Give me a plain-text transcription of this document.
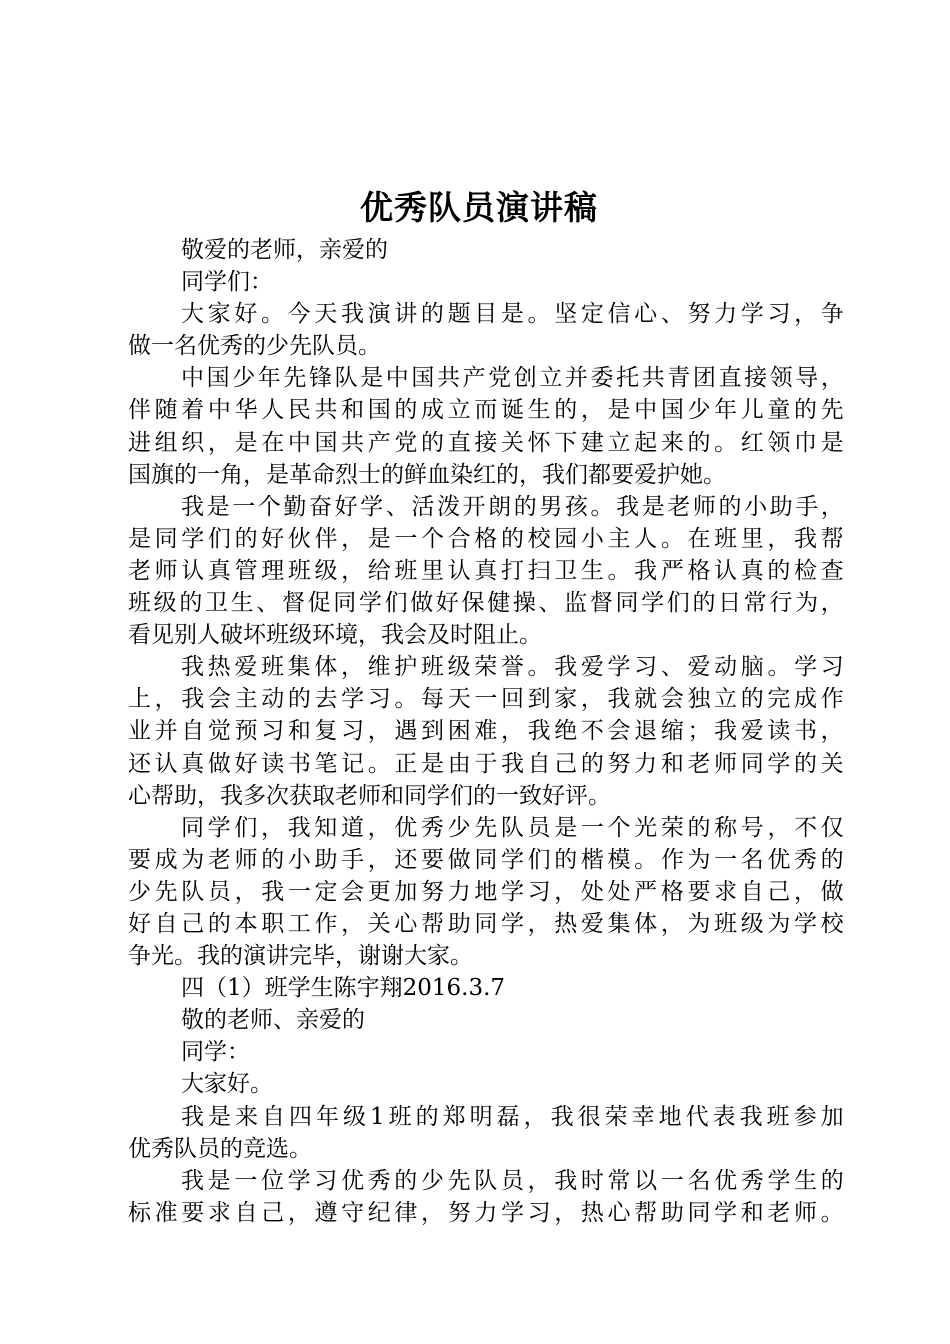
优秀队员演讲稿
敬爱的老师，亲爱的
同学们：
大 家 好 。 今 天 我 演 讲 的 题 目 是 。 坚 定 信 心 、 努 力 学 习 ， 争
做一名优秀的少先队员。
中 国 少 年 先 锋 队 是 中 国 共 产 党 创 立 并 委 托 共 青 团 直 接 领 导 ，
伴 随 着 中 华 人 民 共 和 国 的 成 立 而 诞 生 的 ， 是 中 国 少 年 儿 童 的 先
进 组 织 ， 是 在 中 国 共 产 党 的 直 接 关 怀 下 建 立 起 来 的 。 红 领 巾 是
国旗的一角，是革命烈士的鲜血染红的，我们都要爱护她。
我 是 一 个 勤 奋 好 学 、 活 泼 开 朗 的 男 孩 。 我 是 老 师 的 小 助 手 ，
是 同 学 们 的 好 伙 伴 ， 是 一 个 合 格 的 校 园 小 主 人 。 在 班 里 ， 我 帮
老 师 认 真 管 理 班 级 ， 给 班 里 认 真 打 扫 卫 生 。 我 严 格 认 真 的 检 查
班 级 的 卫 生 、 督 促 同 学 们 做 好 保 健 操 、 监 督 同 学 们 的 日 常 行 为 ，
看见别人破坏班级环境，我会及时阻止。
我 热 爱 班 集 体 ， 维 护 班 级 荣 誉 。 我 爱 学 习 、 爱 动 脑 。 学 习
上 ， 我 会 主 动 的 去 学 习 。 每 天 一 回 到 家 ， 我 就 会 独 立 的 完 成 作
业 并 自 觉 预 习 和 复 习 ， 遇 到 困 难 ， 我 绝 不 会 退 缩 ； 我 爱 读 书 ，
还 认 真 做 好 读 书 笔 记 。 正 是 由 于 我 自 己 的 努 力 和 老 师 同 学 的 关
心帮助，我多次获取老师和同学们的一致好评。
同 学 们 ， 我 知 道 ， 优 秀 少 先 队 员 是 一 个 光 荣 的 称 号 ， 不 仅
要 成 为 老 师 的 小 助 手 ， 还 要 做 同 学 们 的 楷 模 。 作 为 一 名 优 秀 的
少 先 队 员 ， 我 一 定 会 更 加 努 力 地 学 习 ， 处 处 严 格 要 求 自 己 ， 做
好 自 己 的 本 职 工 作 ， 关 心 帮 助 同 学 ， 热 爱 集 体 ， 为 班 级 为 学 校
争光。我的演讲完毕，谢谢大家。
四（1）班学生陈宇翔2016.3.7
敬的老师、亲爱的
同学：
大家好。
我 是 来 自 四 年 级 1 班 的 郑 明 磊 ， 我 很 荣 幸 地 代 表 我 班 参 加
优秀队员的竞选。
我 是 一 位 学 习 优 秀 的 少 先 队 员 ， 我 时 常 以 一 名 优 秀 学 生 的
标 准 要 求 自 己 ， 遵 守 纪 律 ， 努 力 学 习 ， 热 心 帮 助 同 学 和 老 师 。
